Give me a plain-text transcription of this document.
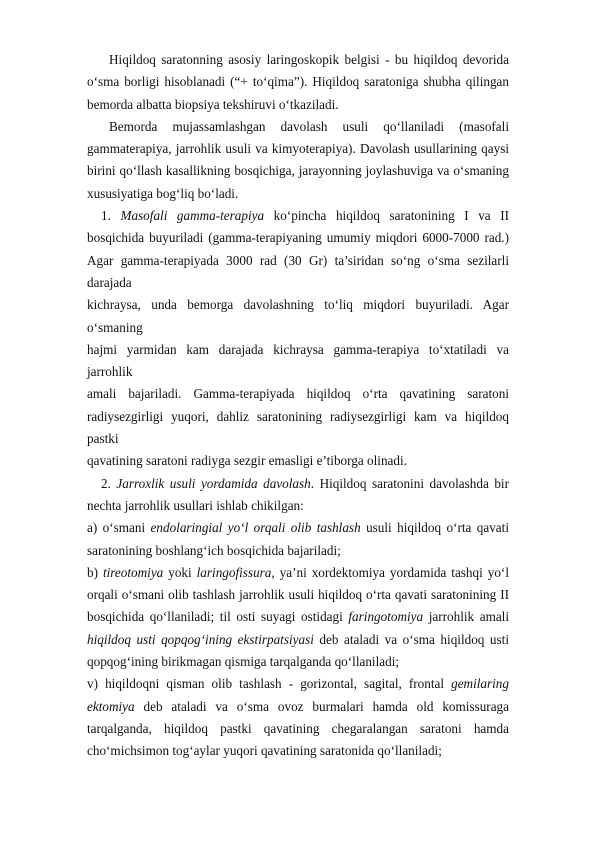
Hiqildoq saratonning asosiy laringoskopik belgisi - bu hiqildoq devorida

o‘sma borligi hisoblanadi (“+ to‘qima”). Hiqildoq saratoniga shubha qilingan

bemorda albatta biopsiya tekshiruvi o‘tkaziladi.

Bemorda mujassamlashgan davolash usuli qo‘llaniladi (masofali

gammaterapiya, jarrohlik usuli va kimyoterapiya). Davolash usullarining qaysi

birini qo‘llash kasallikning bosqichiga, jarayonning joylashuviga va o‘smaning

xususiyatiga bog‘liq bo‘ladi.

1. Masofali gamma-terapiya ko‘pincha hiqildoq saratonining I va II

bosqichida buyuriladi (gamma-terapiyaning umumiy miqdori 6000-7000 rad.)

Agar gamma-terapiyada 3000 rad (30 Gr) ta’siridan so‘ng o‘sma sezilarli darajada

kichraysa, unda bemorga davolashning to‘liq miqdori buyuriladi. Agar o‘smaning

hajmi yarmidan kam darajada kichraysa gamma-terapiya to‘xtatiladi va jarrohlik

amali bajariladi. Gamma-terapiyada hiqildoq o‘rta qavatining saratoni

radiysezgirligi yuqori, dahliz saratonining radiysezgirligi kam va hiqildoq pastki

qavatining saratoni radiyga sezgir emasligi e’tiborga olinadi.

2. Jarroxlik usuli yordamida davolash. Hiqildoq saratonini davolashda bir

nechta jarrohlik usullari ishlab chikilgan:

a) o‘smani endolaringial yo‘l orqali olib tashlash usuli hiqildoq o‘rta qavati

saratonining boshlang‘ich bosqichida bajariladi;

b) tireotomiya yoki laringofissura, ya’ni xordektomiya yordamida tashqi yo‘l

orqali o‘smani olib tashlash jarrohlik usuli hiqildoq o‘rta qavati saratonining II

bosqichida qo‘llaniladi; til osti suyagi ostidagi faringotomiya jarrohlik amali

hiqildoq usti qopqog‘ining ekstirpatsiyasi deb ataladi va o‘sma hiqildoq usti

qopqog‘ining birikmagan qismiga tarqalganda qo‘llaniladi;

v) hiqildoqni qisman olib tashlash - gorizontal, sagital, frontal gemilaring

ektomiya deb ataladi va o‘sma ovoz burmalari hamda old komissuraga

tarqalganda, hiqildoq pastki qavatining chegaralangan saratoni hamda

cho‘michsimon tog‘aylar yuqori qavatining saratonida qo‘llaniladi;
